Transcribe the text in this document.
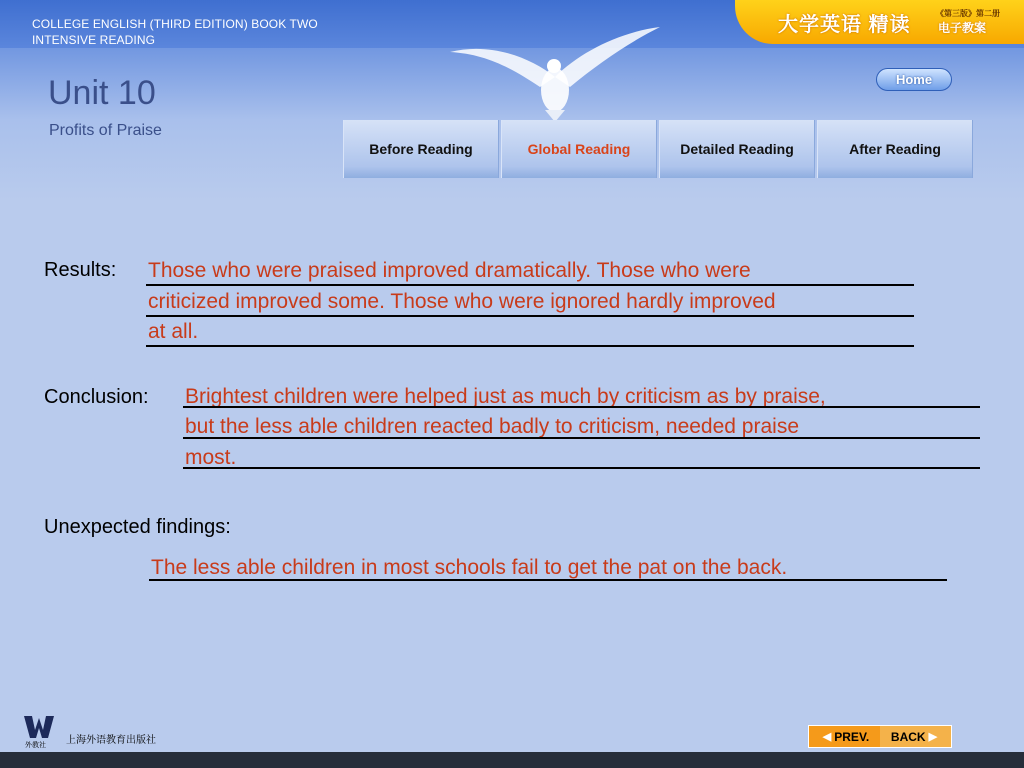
COLLEGE ENGLISH (THIRD EDITION) BOOK TWO
INTENSIVE READING
大学英语 精读
《第三版》第二册
电子教案
Unit 10
Profits of Praise
Home
Before Reading	Global Reading	Detailed Reading	After Reading
Results: Those who were praised improved dramatically. Those who were
criticized improved some. Those who were ignored hardly improved
at all.
Conclusion: Brightest children were helped just as much by criticism as by praise,
but the less able children reacted badly to criticism, needed praise
most.
Unexpected findings:
The less able children in most schools fail to get the pat on the back.
外教社 上海外语教育出版社	◀ PREV. BACK ▶
